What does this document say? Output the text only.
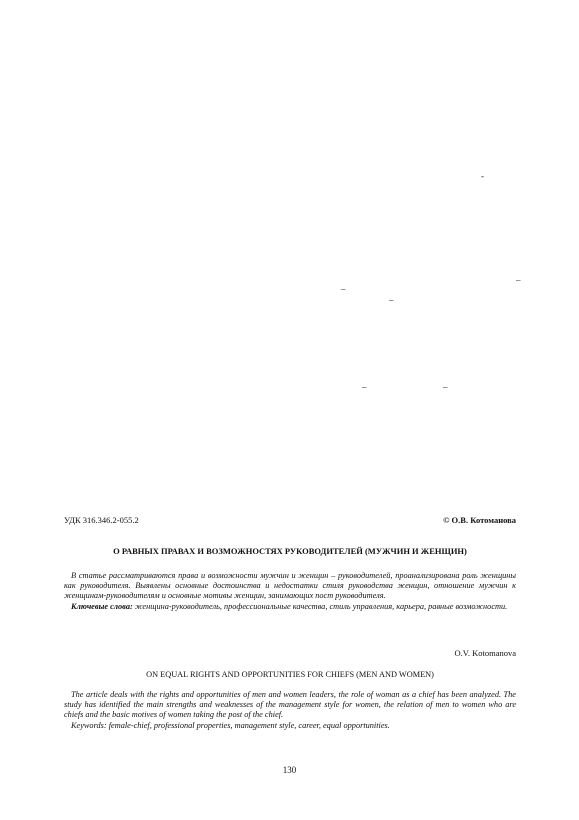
-
–
–
–
–	–
УДК 316.346.2-055.2	© О.В. Котоманова
О РАВНЫХ ПРАВАХ И ВОЗМОЖНОСТЯХ РУКОВОДИТЕЛЕЙ (МУЖЧИН И ЖЕНЩИН)

В статье рассматриваются права и возможности мужчин и женщин – руководителей, проанализирована роль женщины как руководителя. Выявлены основные достоинства и недостатки стиля руководства женщин, отношение мужчин к женщинам-руководителям и основные мотивы женщин, занимающих пост руководителя.

Ключевые слова: женщина-руководитель, профессиональные качества, стиль управления, карьера, равные возможности.

O.V. Kotomanova
ON EQUAL RIGHTS AND OPPORTUNITIES FOR CHIEFS (MEN AND WOMEN)

The article deals with the rights and opportunities of men and women leaders, the role of woman as a chief has been analyzed. The study has identified the main strengths and weaknesses of the management style for women, the relation of men to women who are chiefs and the basic motives of women taking the post of the chief.

Keywords: female-chief, professional properties, management style, career, equal opportunities.

130
